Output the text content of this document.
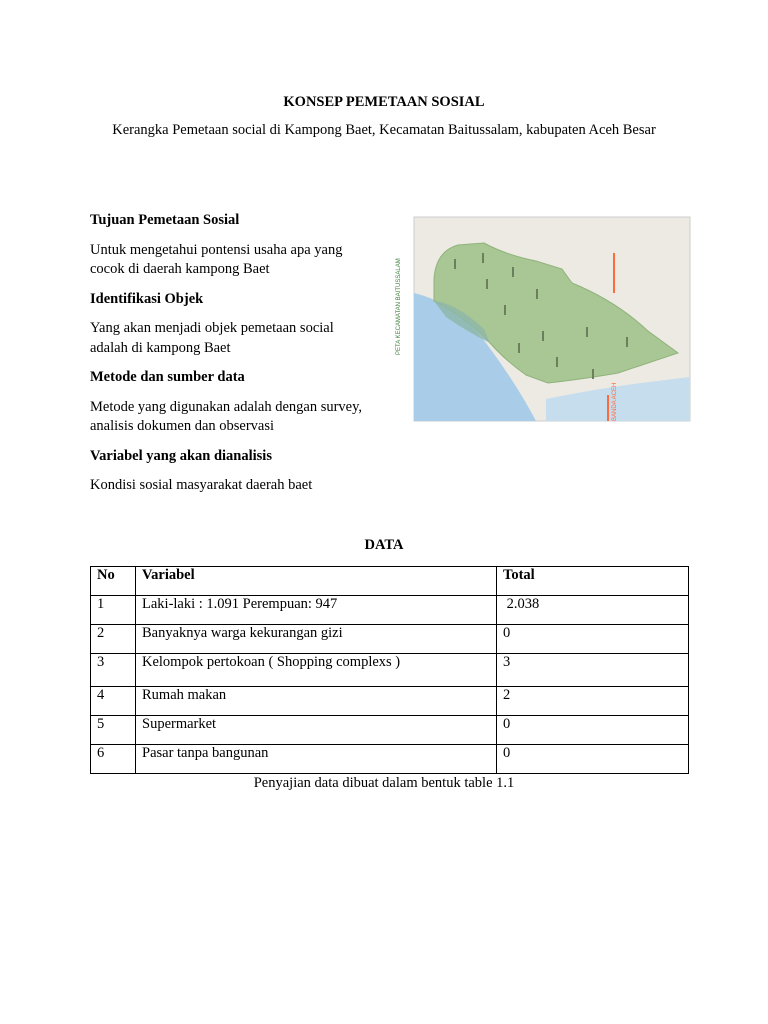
KONSEP PEMETAAN SOSIAL
Kerangka Pemetaan social di Kampong Baet, Kecamatan Baitussalam, kabupaten Aceh Besar
Tujuan Pemetaan Sosial
Untuk mengetahui pontensi usaha apa yang cocok di daerah kampong Baet
Identifikasi Objek
Yang akan menjadi objek pemetaan social adalah di kampong Baet
Metode dan sumber data
Metode yang digunakan adalah dengan survey, analisis dokumen dan observasi
Variabel yang akan dianalisis
Kondisi sosial masyarakat daerah baet
PETA KECAMATAN BAITUSSALAM
BANDA ACEH
DATA
No	Variabel	Total
1	Laki-laki : 1.091 Perempuan: 947	2.038
2	Banyaknya warga kekurangan gizi	0
3	Kelompok pertokoan ( Shopping complexs )	3
4	Rumah makan	2
5	Supermarket	0
6	Pasar tanpa bangunan	0
Penyajian data dibuat dalam bentuk table 1.1
